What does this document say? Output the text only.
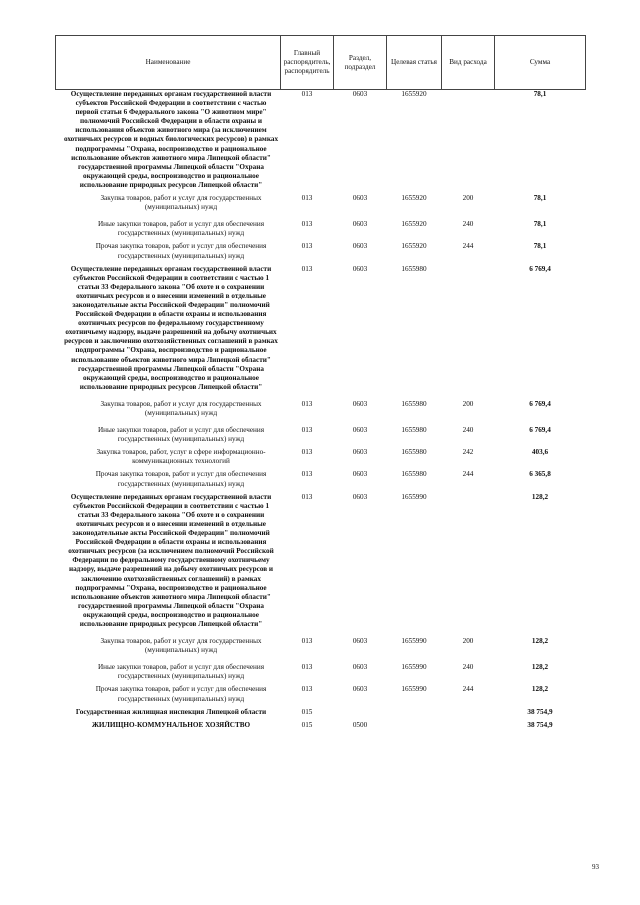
Наименование	Главный распорядитель, распорядитель	Раздел, подраздел	Целевая статья	Вид расхода	Сумма
Осуществление переданных органам государственной власти субъектов Российской Федерации в соответствии с частью первой статьи 6 Федерального закона "О животном мире" полномочий Российской Федерации в области охраны и использования объектов животного мира (за исключением охотничьих ресурсов и водных биологических ресурсов) в рамках подпрограммы "Охрана, воспроизводство и рациональное использование объектов животного мира Липецкой области" государственной программы Липецкой области "Охрана окружающей среды, воспроизводство и рациональное использование природных ресурсов Липецкой области"	013	0603	1655920		78,1
Закупка товаров, работ и услуг для государственных (муниципальных) нужд	013	0603	1655920	200	78,1
Иные закупки товаров, работ и услуг для обеспечения государственных (муниципальных) нужд	013	0603	1655920	240	78,1
Прочая закупка товаров, работ и услуг для обеспечения государственных (муниципальных) нужд	013	0603	1655920	244	78,1
Осуществление переданных органам государственной власти субъектов Российской Федерации в соответствии с частью 1 статьи 33 Федерального закона "Об охоте и о сохранении охотничьих ресурсов и о внесении изменений в отдельные законодательные акты Российской Федерации" полномочий Российской Федерации в области охраны и использования охотничьих ресурсов по федеральному государственному охотничьему надзору, выдаче разрешений на добычу охотничьих ресурсов и заключению охотхозяйственных соглашений в рамках подпрограммы "Охрана, воспроизводство и рациональное использование объектов животного мира Липецкой области" государственной программы Липецкой области "Охрана окружающей среды, воспроизводство и рациональное использование природных ресурсов Липецкой области"	013	0603	1655980		6 769,4
Закупка товаров, работ и услуг для государственных (муниципальных) нужд	013	0603	1655980	200	6 769,4
Иные закупки товаров, работ и услуг для обеспечения государственных (муниципальных) нужд	013	0603	1655980	240	6 769,4
Закупка товаров, работ, услуг в сфере информационно-коммуникационных технологий	013	0603	1655980	242	403,6
Прочая закупка товаров, работ и услуг для обеспечения государственных (муниципальных) нужд	013	0603	1655980	244	6 365,8
Осуществление переданных органам государственной власти субъектов Российской Федерации в соответствии с частью 1 статьи 33 Федерального закона "Об охоте и о сохранении охотничьих ресурсов и о внесении изменений в отдельные законодательные акты Российской Федерации" полномочий Российской Федерации в области охраны и использования охотничьих ресурсов (за исключением полномочий Российской Федерации по федеральному государственному охотничьему надзору, выдаче разрешений на добычу охотничьих ресурсов и заключению охотхозяйственных соглашений) в рамках подпрограммы "Охрана, воспроизводство и рациональное использование объектов животного мира Липецкой области" государственной программы Липецкой области "Охрана окружающей среды, воспроизводство и рациональное использование природных ресурсов Липецкой области"	013	0603	1655990		128,2
Закупка товаров, работ и услуг для государственных (муниципальных) нужд	013	0603	1655990	200	128,2
Иные закупки товаров, работ и услуг для обеспечения государственных (муниципальных) нужд	013	0603	1655990	240	128,2
Прочая закупка товаров, работ и услуг для обеспечения государственных (муниципальных) нужд	013	0603	1655990	244	128,2
Государственная жилищная инспекция Липецкой области	015				38 754,9
ЖИЛИЩНО-КОММУНАЛЬНОЕ ХОЗЯЙСТВО	015	0500			38 754,9
93
